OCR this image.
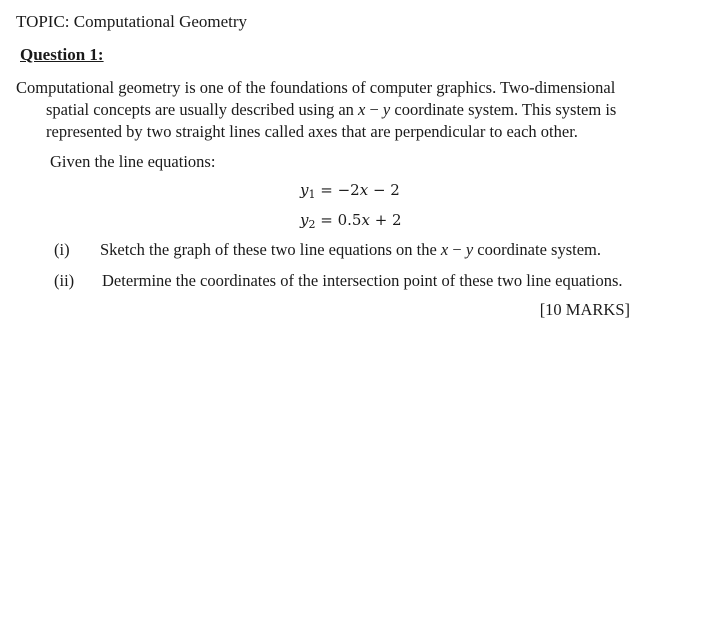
TOPIC: Computational Geometry
Question 1:
Computational geometry is one of the foundations of computer graphics. Two-dimensional
spatial concepts are usually described using an x − y coordinate system. This system is
represented by two straight lines called axes that are perpendicular to each other.
Given the line equations:
$y_1 = -2x - 2$
$y_2 = 0.5x + 2$
(i) Sketch the graph of these two line equations on the x − y coordinate system.
(ii) Determine the coordinates of the intersection point of these two line equations.
[10 MARKS]
